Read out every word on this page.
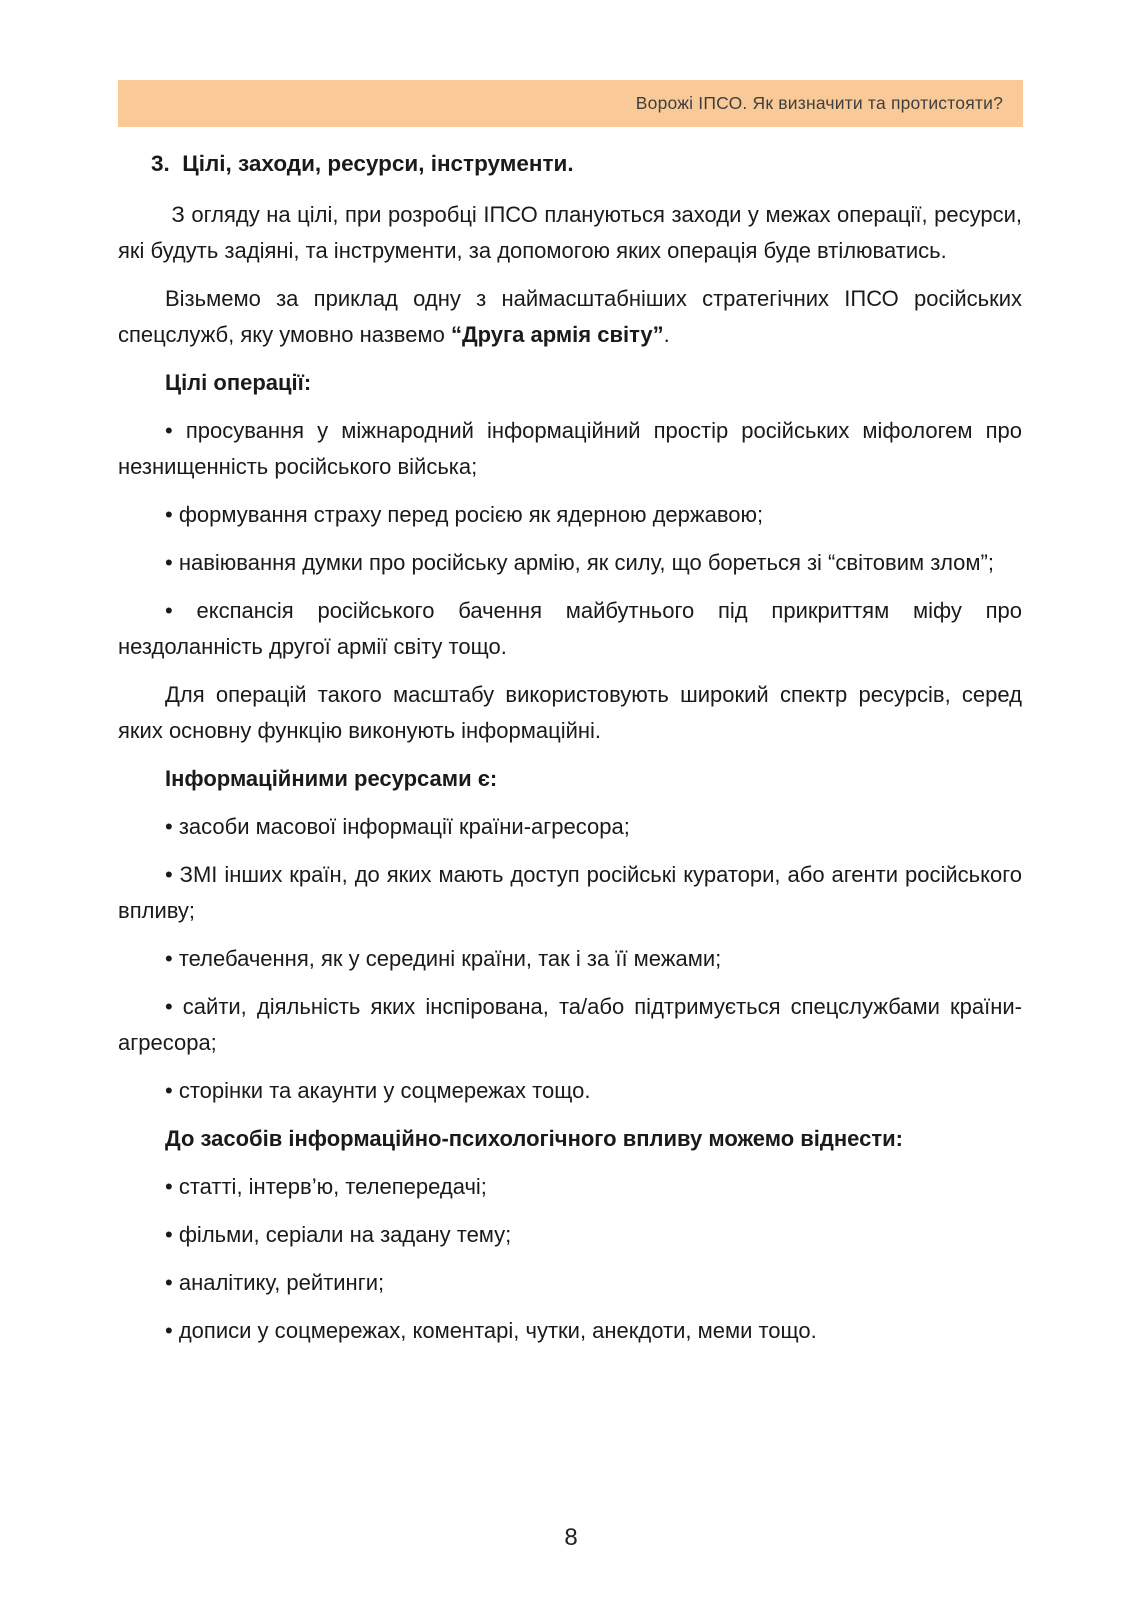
Ворожі ІПСО. Як визначити та протистояти?

3.  Цілі, заходи, ресурси, інструменти.

З огляду на цілі, при розробці ІПСО плануються заходи у межах операції, ресурси, які будуть задіяні, та інструменти, за допомогою яких операція буде втілюватись.

Візьмемо за приклад одну з наймасштабніших стратегічних ІПСО російських спецслужб, яку умовно назвемо “Друга армія світу”.

Цілі операції:

• просування у міжнародний інформаційний простір російських міфологем про незнищенність російського війська;

• формування страху перед росією як ядерною державою;

• навіювання думки про російську армію, як силу, що бореться зі “світовим злом”;

• експансія російського бачення майбутнього під прикриттям міфу про нездоланність другої армії світу тощо.

Для операцій такого масштабу використовують широкий спектр ресурсів, серед яких основну функцію виконують інформаційні.

Інформаційними ресурсами є:

• засоби масової інформації країни-агресора;

• ЗМІ інших країн, до яких мають доступ російські куратори, або агенти російського впливу;

• телебачення, як у середині країни, так і за її межами;

• сайти, діяльність яких інспірована, та/або підтримується спецслужбами країни-агресора;

• сторінки та акаунти у соцмережах тощо.

До засобів інформаційно-психологічного впливу можемо віднести:

• статті, інтерв’ю, телепередачі;

• фільми, серіали на задану тему;

• аналітику, рейтинги;

• дописи у соцмережах, коментарі, чутки, анекдоти, меми тощо.

8
